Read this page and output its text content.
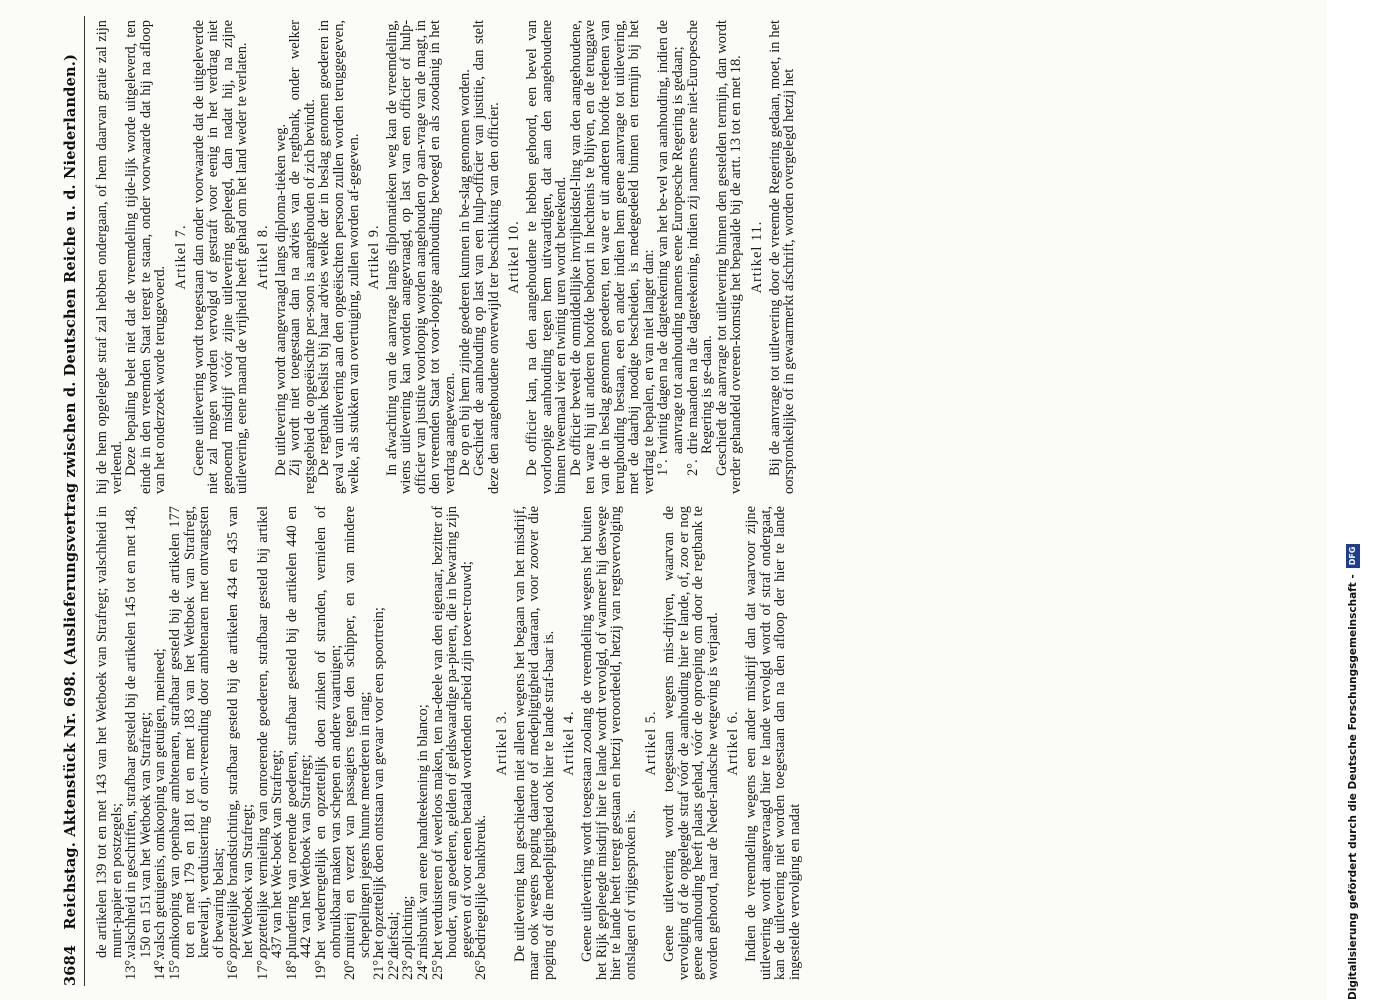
3684 Reichstag. Aktenstück Nr. 698. (Auslieferungsvertrag zwischen d. Deutschen Reiche u. d. Niederlanden.) de artikelen 139 tot en met 143 van het Wetboek van Strafregt; valschheid in munt-papier en postzegels;

13°.
valschheid in geschriften, strafbaar gesteld bij de artikelen 145 tot en met 148, 150 en 151 van het Wetboek van Strafregt;

14°.
valsch getuigenis, omkooping van getuigen, meineed;

15°.
omkooping van openbare ambtenaren, strafbaar gesteld bij de artikelen 177 tot en met 179 en 181 tot en met 183 van het Wetboek van Strafregt, knevelarij, verduistering of ont-vreemding door ambtenaren met ontvangsten of bewaring belast;

16°.
opzettelijke brandstichting, strafbaar gesteld bij de artikelen 434 en 435 van het Wetboek van Strafregt;

17°.
opzettelijke vernieling van onroerende goederen, strafbaar gesteld bij artikel 437 van het Wet-boek van Strafregt;

18°.
plundering van roerende goederen, strafbaar gesteld bij de artikelen 440 en 442 van het Wetboek van Strafregt;

19°.
het wederregtelijk en opzettelijk doen zinken of stranden, vernielen of onbruikbaar maken van schepen en andere vaartuigen;

20°.
muiterij en verzet van passagiers tegen den schipper, en van mindere schepelingen jegens hunne meerderen in rang;

21°.
het opzettelijk doen ontstaan van gevaar voor een spoortrein;

22°.
diefstal;

23°.
oplichting;

24°.
misbruik van eene handteekening in blanco;

25°.
het verduisteren of weerloos maken, ten na-deele van den eigenaar, bezitter of houder, van goederen, gelden of geldswaardige pa-pieren, die in bewaring zijn gegeven of voor eenen betaald wordenden arbeid zijn toever-trouwd;

26°.
bedriegelijke bankbreuk.

Artikel 3. De uitlevering kan geschieden niet alleen wegens het begaan van het misdrijf, maar ook wegens poging daartoe of medepligtigheid daaraan, voor zoover die poging of die medepligtigheid ook hier te lande straf-baar is. Artikel 4. Geene uitlevering wordt toegestaan zoolang de vreemdeling wegens het buiten het Rijk gepleegde misdrijf hier te lande wordt vervolgd, of wanneer hij deswege hier te lande heeft teregt gestaan en hetzij veroordeeld, hetzij van regtsvervolging ontslagen of vrijgesproken is.

Artikel 5. Geene uitlevering wordt toegestaan wegens mis-drijven, waarvan de vervolging of de opgelegde straf vóór de aanhouding hier te lande, of, zoo er nog geene aanhouding heeft plaats gehad, vóór de oproeping om door de regtbank te worden gehoord, naar de Neder-landsche wetgeving is verjaard. Artikel 6. Indien de vreemdeling wegens een ander misdrijf dan dat waarvoor zijne uitlevering wordt aangevraagd hier te lande vervolgd wordt of straf ondergaat, kan de uitlevering niet worden toegestaan dan na den afloop der hier te lande ingestelde vervolging en nadat

hij de hem opgelegde straf zal hebben ondergaan, of hem daarvan gratie zal zijn verleend.

Deze bepaling belet niet dat de vreemdeling tijde-lijk worde uitgeleverd, ten einde in den vreemden Staat teregt te staan, onder voorwaarde dat hij na afloop van het onderzoek worde teruggevoerd.

Artikel 7. Geene uitlevering wordt toegestaan dan onder voorwaarde dat de uitgeleverde niet zal mogen worden vervolgd of gestraft voor eenig in het verdrag niet genoemd misdrijf vóór zijne uitlevering gepleegd, dan nadat hij, na zijne uitlevering, eene maand de vrijheid heeft gehad om het land weder te verlaten. Artikel 8. De uitlevering wordt aangevraagd langs diploma-tieken weg.

Zij wordt niet toegestaan dan na advies van de regtbank, onder welker regtsgebied de opgeëischte per-soon is aangehouden of zich bevindt.

De regtbank beslist bij haar advies welke der in beslag genomen goederen in geval van uitlevering aan den opgeëischten persoon zullen worden teruggegeven, welke, als stukken van overtuiging, zullen worden af-gegeven. Artikel 9. In afwachting van de aanvrage langs diplomatieken weg kan de vreemdeling, wiens uitlevering kan worden aangevraagd, op last van een officier of hulp-officier van justitie voorloopig worden aangehouden op aan-vrage van de magt, in den vreemden Staat tot voor-loopige aanhouding bevoegd en als zoodanig in het verdrag aangewezen.

De op en bij hem zijnde goederen kunnen in be-slag genomen worden.

Geschiedt de aanhouding op last van een hulp-officier van justitie, dan stelt deze den aangehoudene onverwijld ter beschikking van den officier. Artikel 10. De officier kan, na den aangehoudene te hebben gehoord, een bevel van voorloopige aanhouding tegen hem uitvaardigen, dat aan den aangehoudene binnen tweemaal vier en twintig uren wordt beteekend.

De officier beveelt de onmiddellijke invrijheidstel-ling van den aangehoudene, ten ware hij uit anderen hoofde behoort in hechtenis te blijven, en de teruggave van de in beslag genomen goederen, ten ware er uit anderen hoofde redenen van terughouding bestaan, een en ander indien hem geene aanvrage tot uitlevering, met de daarbij noodige bescheiden, is medegedeeld binnen en termijn bij het verdrag te bepalen, en van niet langer dan:

1°.
twintig dagen na de dagteekening van het be-vel van aanhouding, indien de aanvrage tot aanhouding namens eene Europesche Regering is gedaan;

2°.
drie maanden na die dagteekening, indien zij namens eene niet-Europesche Regering is ge-daan.

Geschiedt de aanvrage tot uitlevering binnen den gestelden termijn, dan wordt verder gehandeld overeen-komstig het bepaalde bij de artt. 13 tot en met 18. Artikel 11. Bij de aanvrage tot uitlevering door de vreemde Regering gedaan, moet, in het oorspronkelijke of in gewaarmerkt afschrift, worden overgelegd hetzij het

Digitalisierung gefördert durch die Deutsche Forschungsgemeinschaft -
DFG
